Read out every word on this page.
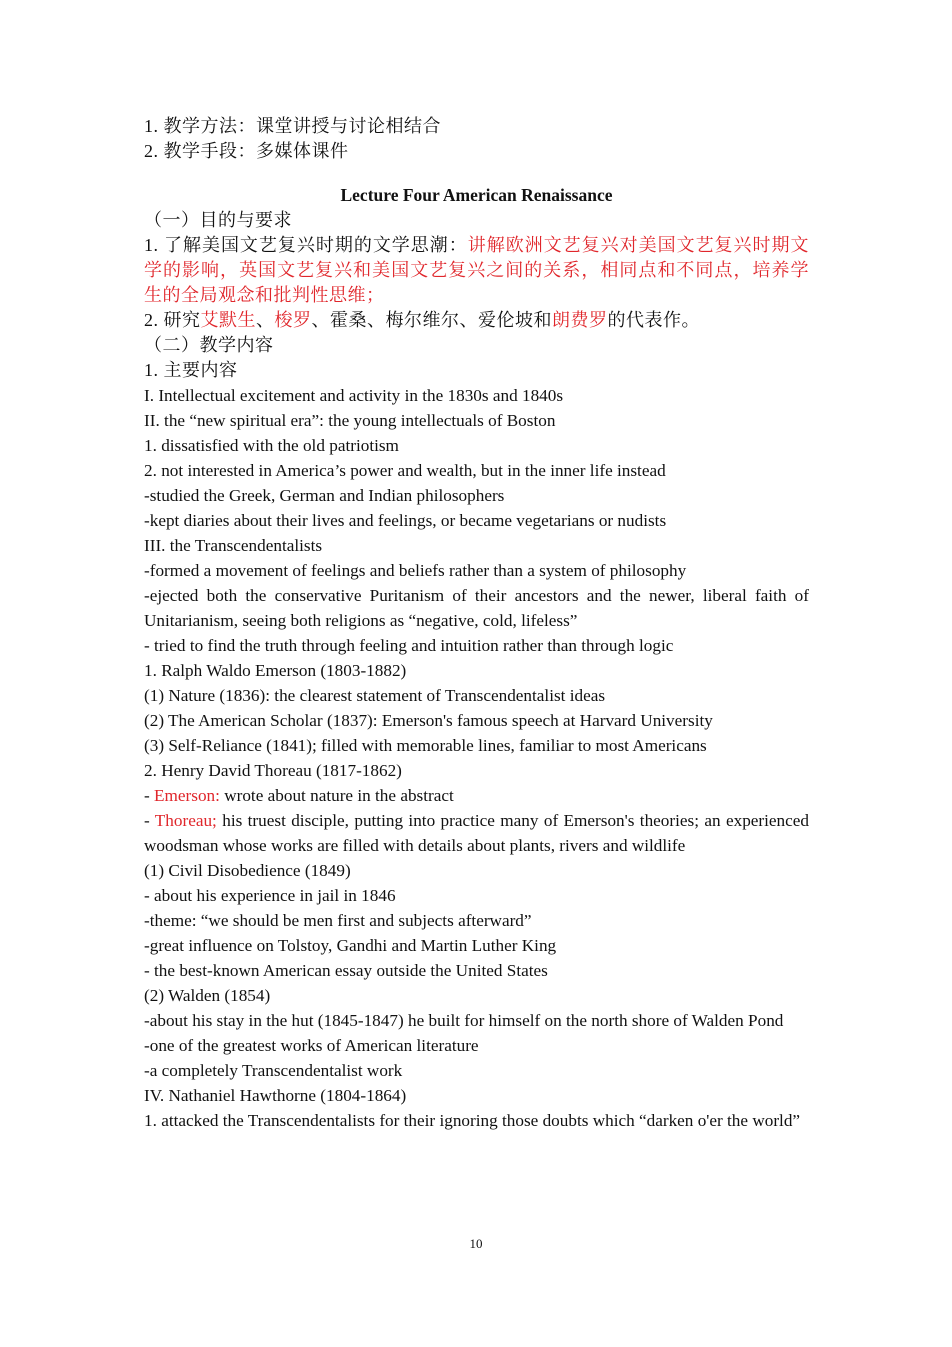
1. 教学方法：课堂讲授与讨论相结合

2. 教学手段：多媒体课件

Lecture Four American Renaissance

（一）目的与要求

1. 了解美国文艺复兴时期的文学思潮：讲解欧洲文艺复兴对美国文艺复兴时期文学的影响，英国文艺复兴和美国文艺复兴之间的关系，相同点和不同点，培养学生的全局观念和批判性思维；

2. 研究艾默生、梭罗、霍桑、梅尔维尔、爱伦坡和朗费罗的代表作。

（二）教学内容

1. 主要内容

I. Intellectual excitement and activity in the 1830s and 1840s

II. the “new spiritual era”: the young intellectuals of Boston

1. dissatisfied with the old patriotism

2. not interested in America’s power and wealth, but in the inner life instead

-studied the Greek, German and Indian philosophers

-kept diaries about their lives and feelings, or became vegetarians or nudists

III. the Transcendentalists

-formed a movement of feelings and beliefs rather than a system of philosophy

-ejected both the conservative Puritanism of their ancestors and the newer, liberal faith of Unitarianism, seeing both religions as “negative, cold, lifeless”

- tried to find the truth through feeling and intuition rather than through logic

1. Ralph Waldo Emerson (1803-1882)

(1) Nature (1836): the clearest statement of Transcendentalist ideas

(2) The American Scholar (1837): Emerson's famous speech at Harvard University

(3) Self-Reliance (1841); filled with memorable lines, familiar to most Americans

2. Henry David Thoreau (1817-1862)

- Emerson: wrote about nature in the abstract

- Thoreau; his truest disciple, putting into practice many of Emerson's theories; an experienced woodsman whose works are filled with details about plants, rivers and wildlife

(1) Civil Disobedience (1849)

- about his experience in jail in 1846

-theme: “we should be men first and subjects afterward”

-great influence on Tolstoy, Gandhi and Martin Luther King

- the best-known American essay outside the United States

(2) Walden (1854)

-about his stay in the hut (1845-1847) he built for himself on the north shore of Walden Pond

-one of the greatest works of American literature

-a completely Transcendentalist work

IV. Nathaniel Hawthorne (1804-1864)

1. attacked the Transcendentalists for their ignoring those doubts which “darken o'er the world”

10
